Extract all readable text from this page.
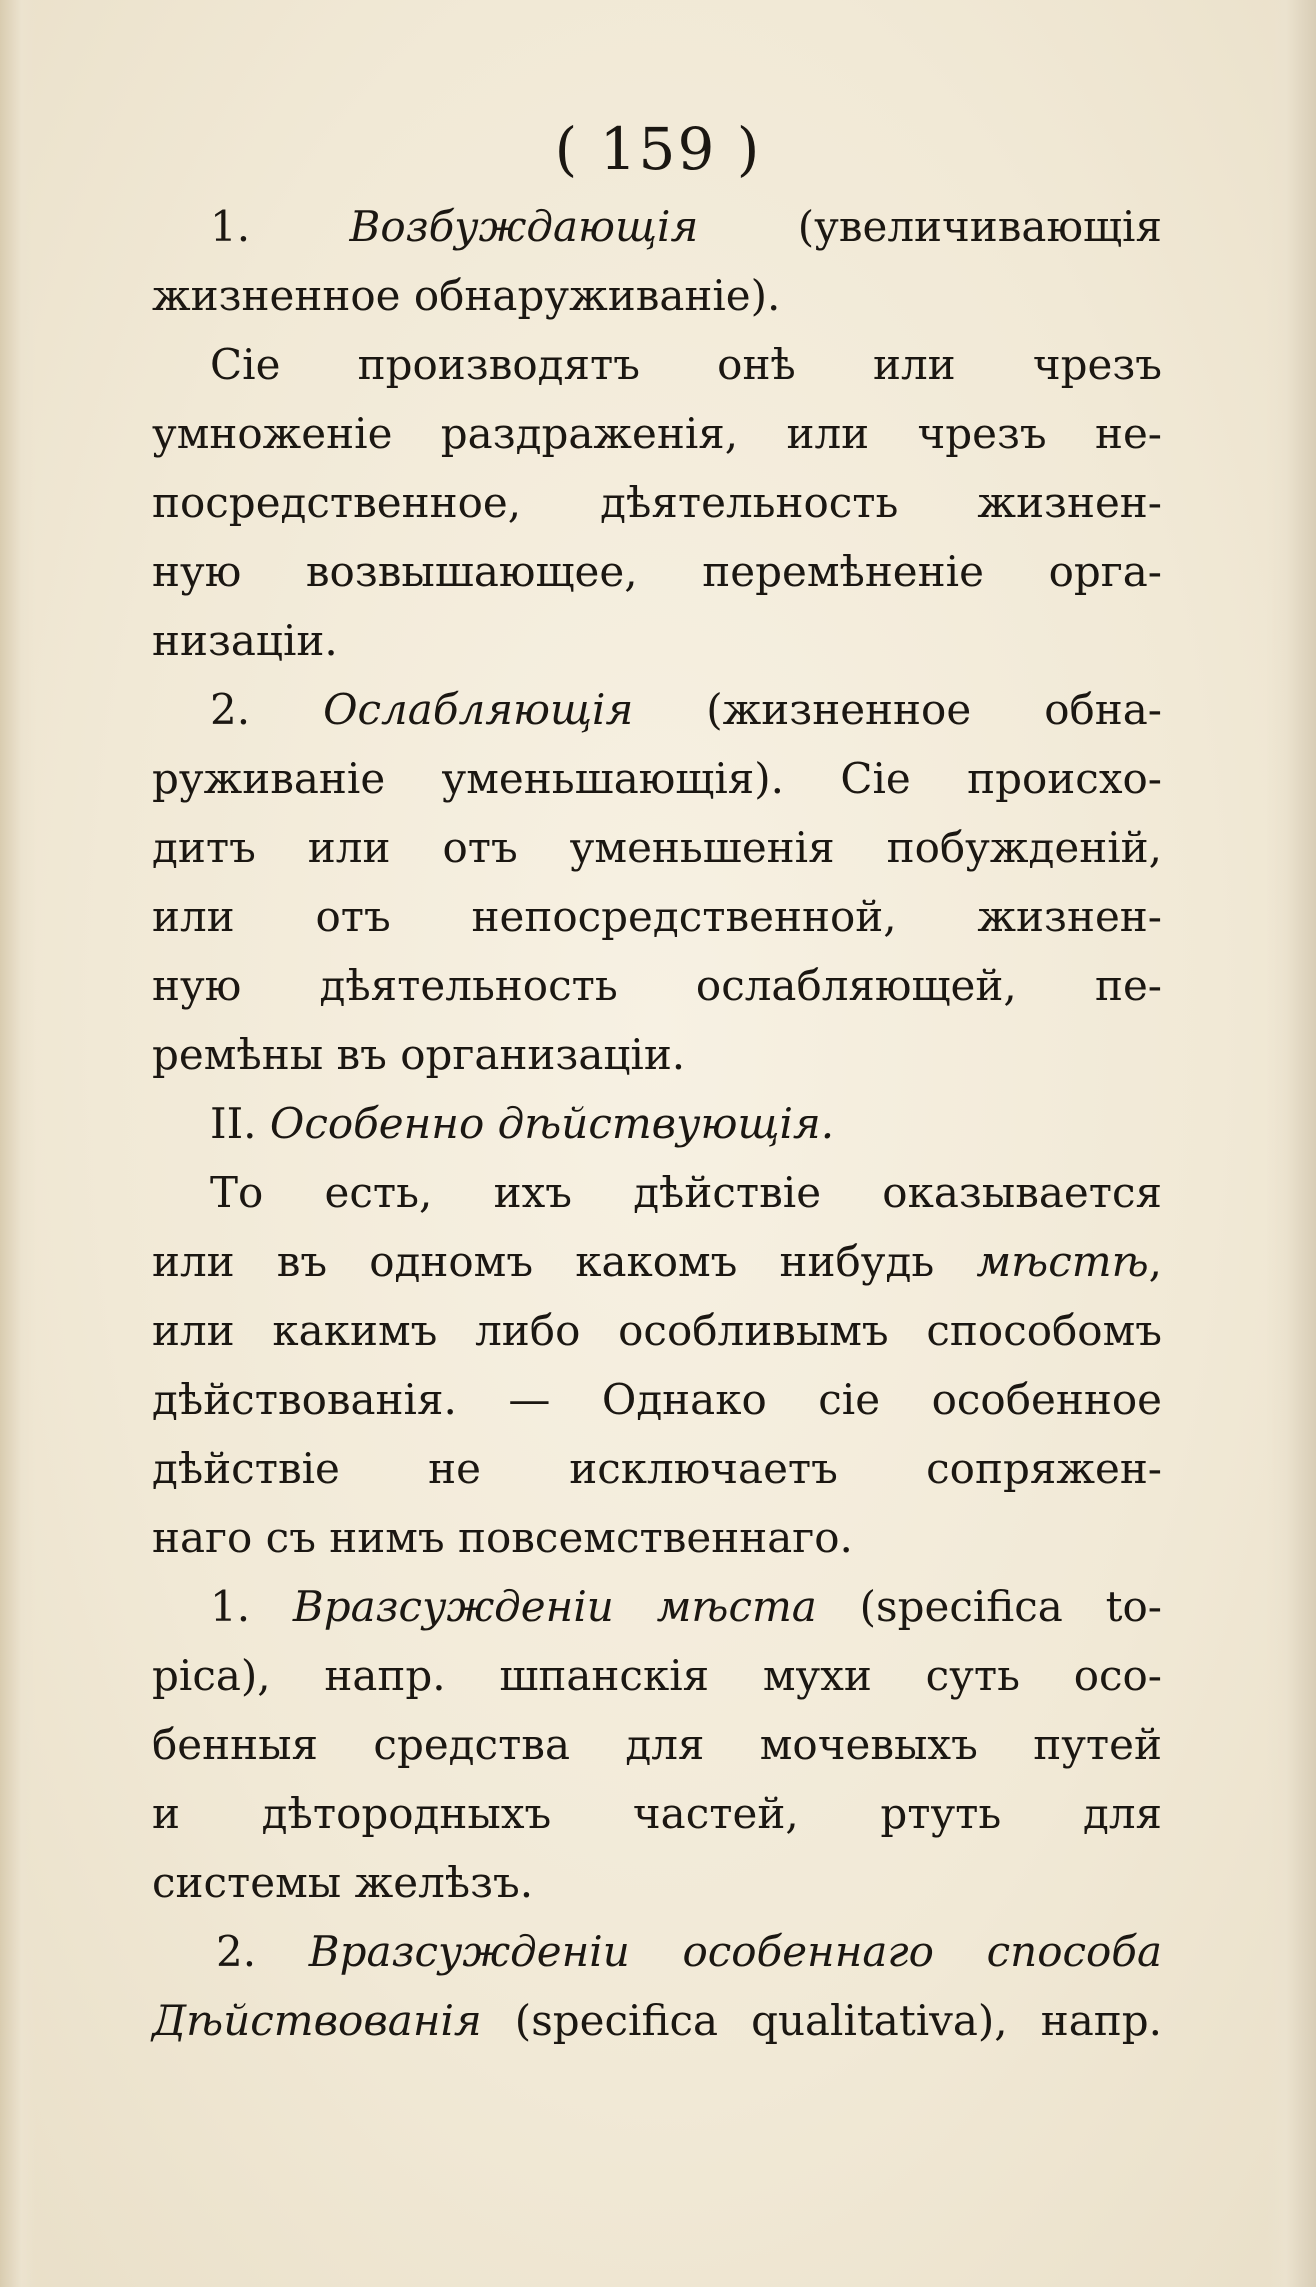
( 159 )
1. Возбуждающія (увеличивающія
жизненное обнаруживаніе).
Сіе производятъ онѣ или чрезъ
умноженіе раздраженія, или чрезъ не-
посредственное, дѣятельность жизнен-
ную возвышающее, перемѣненіе орга-
низаціи.
2. Ослабляющія (жизненное обна-
руживаніе уменьшающія). Сіе происхо-
дитъ или отъ уменьшенія побужденій,
или отъ непосредственной, жизнен-
ную дѣятельность ослабляющей, пе-
ремѣны въ организаціи.
II. Особенно дѣйствующія.
То есть, ихъ дѣйствіе оказывается
или въ одномъ какомъ нибудь мѣстѣ,
или какимъ либо особливымъ способомъ
дѣйствованія. — Однако сіе особенное
дѣйствіе не исключаетъ сопряжен-
наго съ нимъ повсемственнаго.
1. Вразсужденіи мѣста (specifica to-
pica), напр. шпанскія мухи суть осо-
бенныя средства для мочевыхъ путей
и дѣтородныхъ частей, ртуть для
системы желѣзъ.
2. Вразсужденіи особеннаго способа
Дѣйствованія (specifica qualitativa), напр.
